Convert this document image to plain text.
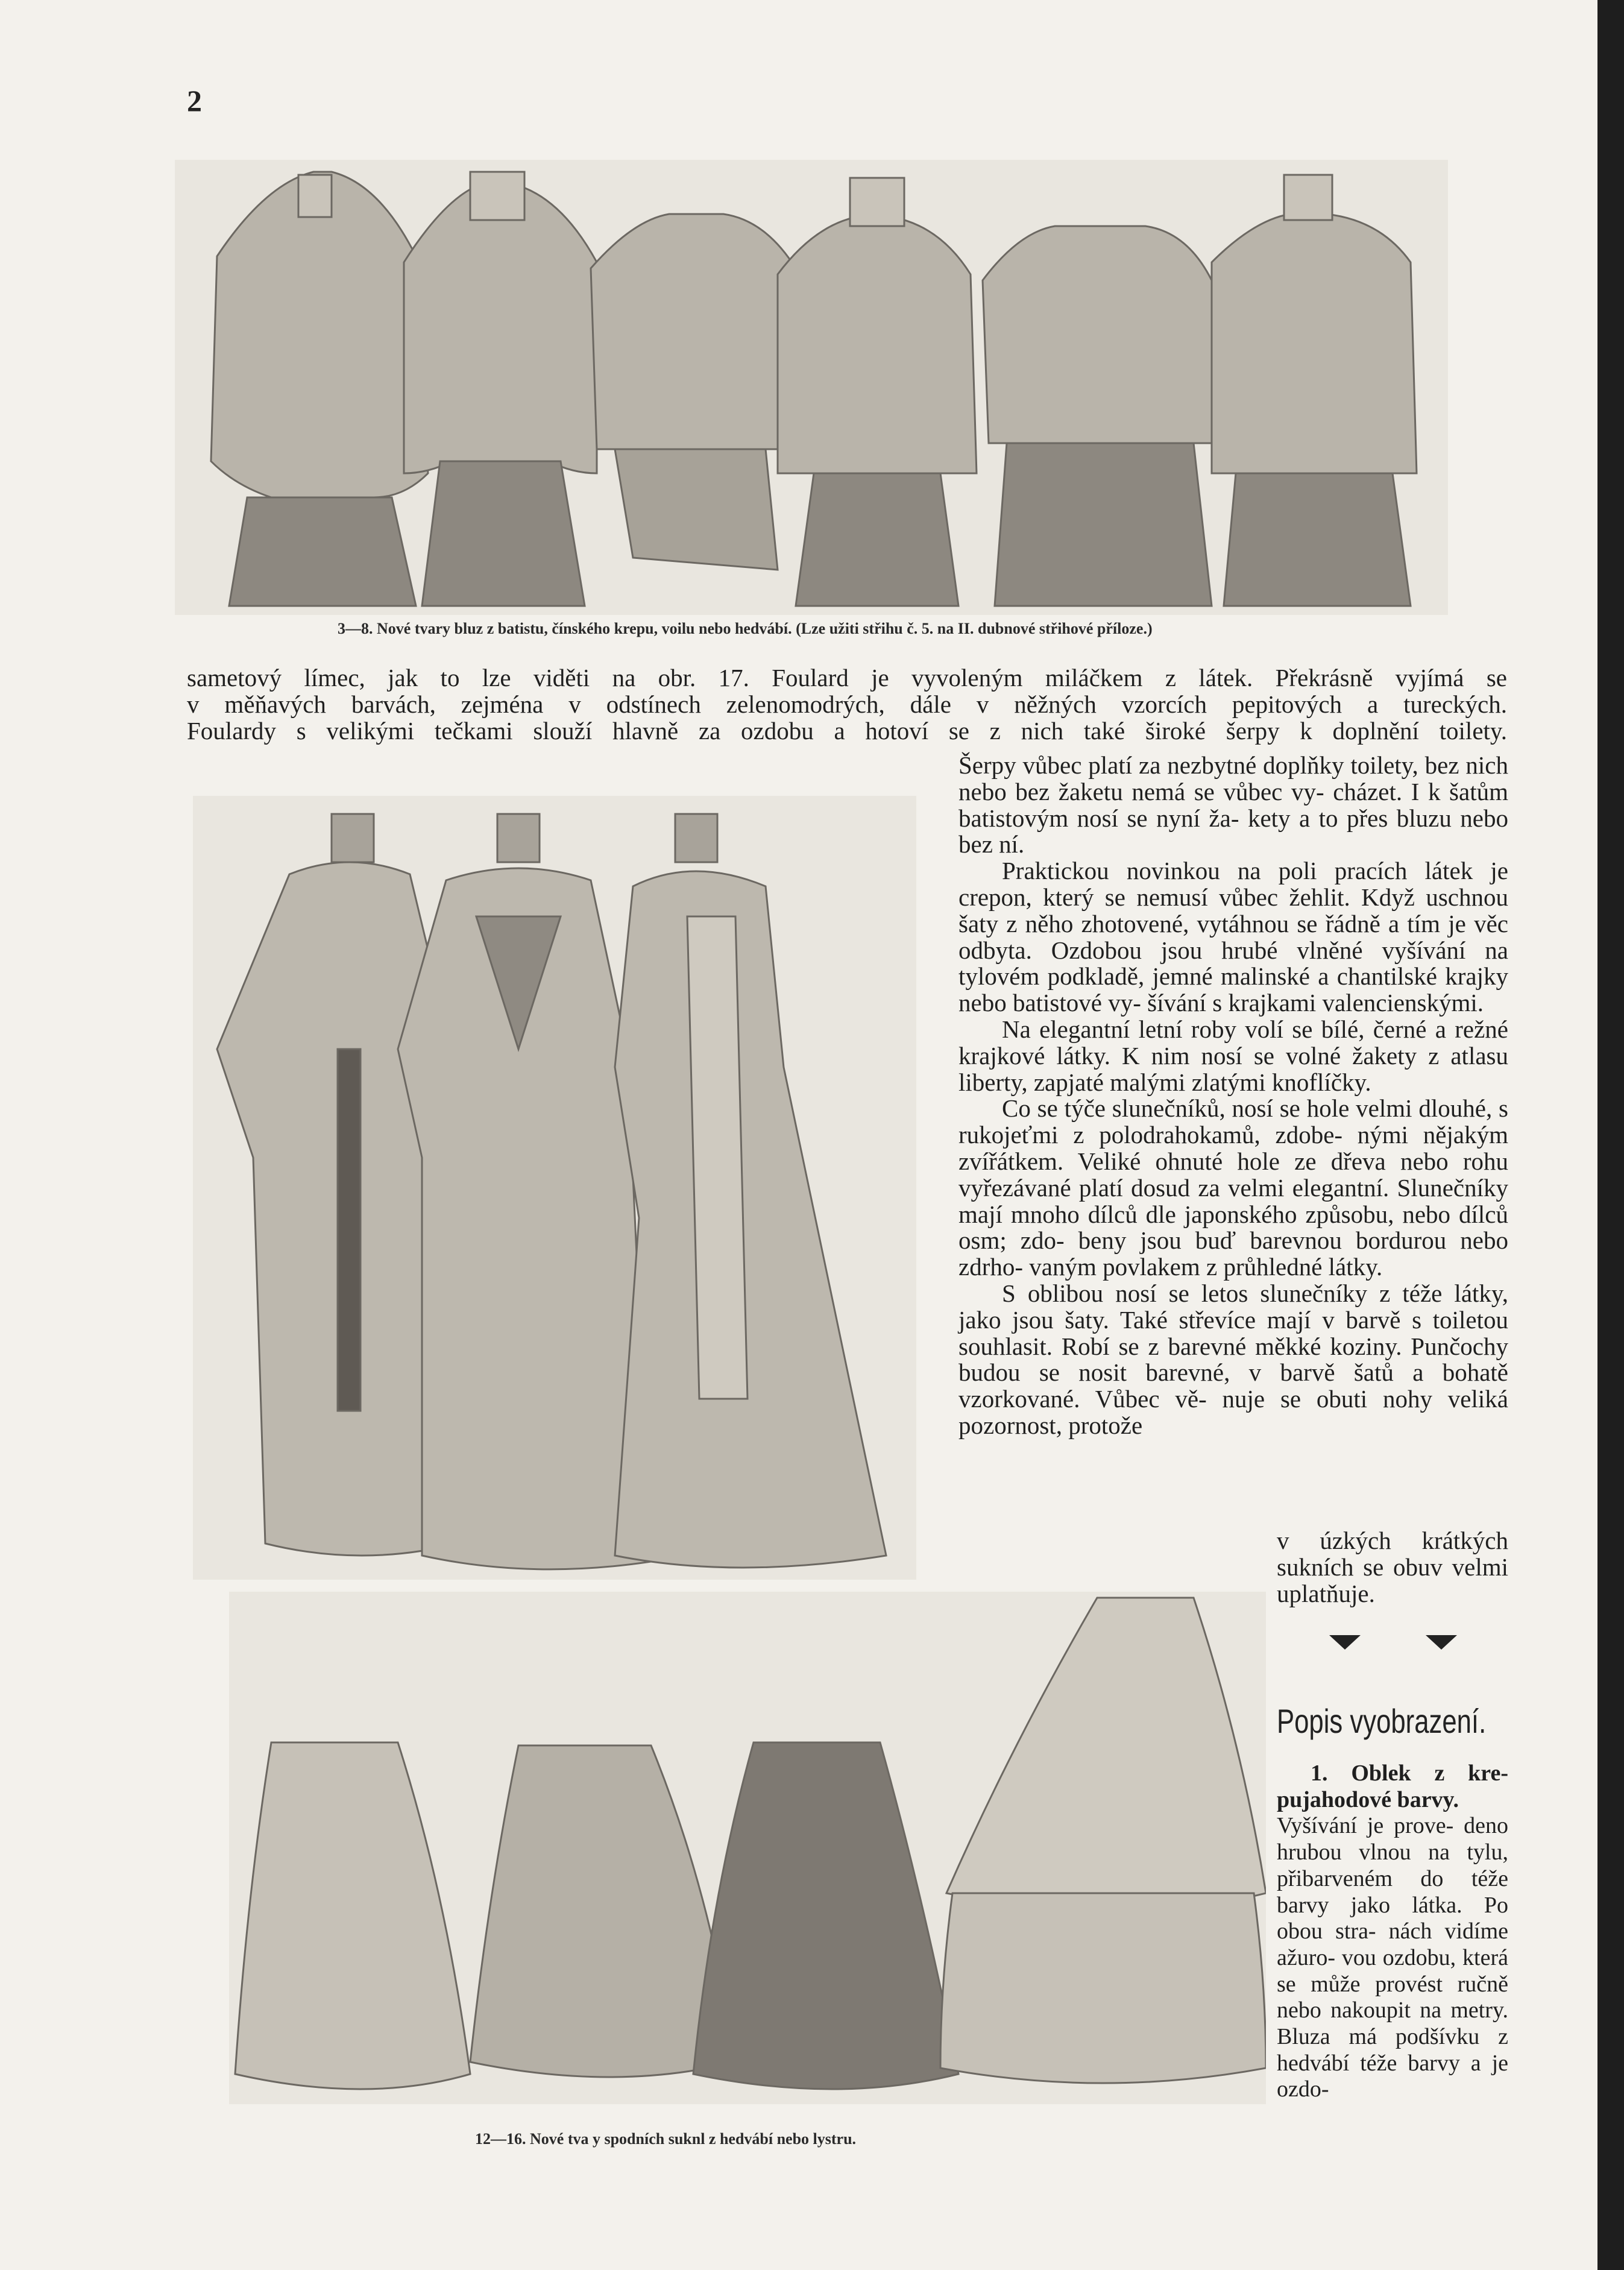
2
3—8. Nové tvary bluz z batistu, čínského krepu, voilu nebo hedvábí. (Lze užiti střihu č. 5. na II. dubnové střihové příloze.)

sametový límec, jak to lze viděti na obr. 17. Foulard je vyvoleným miláčkem z látek. Překrásně vyjímá se

v měňavých barvách, zejména v odstínech zelenomodrých, dále v něžných vzorcích pepitových a tureckých.

Foulardy s velikými tečkami slouží hlavně za ozdobu a hotoví se z nich také široké šerpy k doplnění toilety.

Šerpy vůbec platí za nezbytné doplňky toilety, bez nich nebo bez žaketu nemá se vůbec vy- cházet. I k šatům batistovým nosí se nyní ža- kety a to přes bluzu nebo bez ní.

Praktickou novinkou na poli pracích látek je crepon, který se nemusí vůbec žehlit. Když uschnou šaty z něho zhotovené, vytáhnou se řádně a tím je věc odbyta. Ozdobou jsou hrubé vlněné vyšívání na tylovém podkladě, jemné malinské a chantilské krajky nebo batistové vy- šívání s krajkami valencienskými.

Na elegantní letní roby volí se bílé, černé a režné krajkové látky. K nim nosí se volné žakety z atlasu liberty, zapjaté malými zlatými knoflíčky.

Co se týče slunečníků, nosí se hole velmi dlouhé, s rukojeťmi z polodrahokamů, zdobe- nými nějakým zvířátkem. Veliké ohnuté hole ze dřeva nebo rohu vyřezávané platí dosud za velmi elegantní. Slunečníky mají mnoho dílců dle japonského způsobu, nebo dílců osm; zdo- beny jsou buď barevnou bordurou nebo zdrho- vaným povlakem z průhledné látky.

S oblibou nosí se letos slunečníky z téže látky, jako jsou šaty. Také střevíce mají v barvě s toiletou souhlasit. Robí se z barevné měkké koziny. Punčochy budou se nosit barevné, v barvě šatů a bohatě vzorkované. Vůbec vě- nuje se obuti nohy veliká pozornost, protože

v úzkých krátkých sukních se obuv velmi uplatňuje.

Popis vyobrazení.

1. Oblek z kre- pujahodové barvy.

Vyšívání je prove- deno hrubou vlnou na tylu, přibarveném do téže barvy jako látka. Po obou stra- nách vidíme ažuro- vou ozdobu, která se může provést ručně nebo nakoupit na metry. Bluza má podšívku z hedvábí téže barvy a je ozdo-

12—16. Nové tva y spodních suknl z hedvábí nebo lystru.
